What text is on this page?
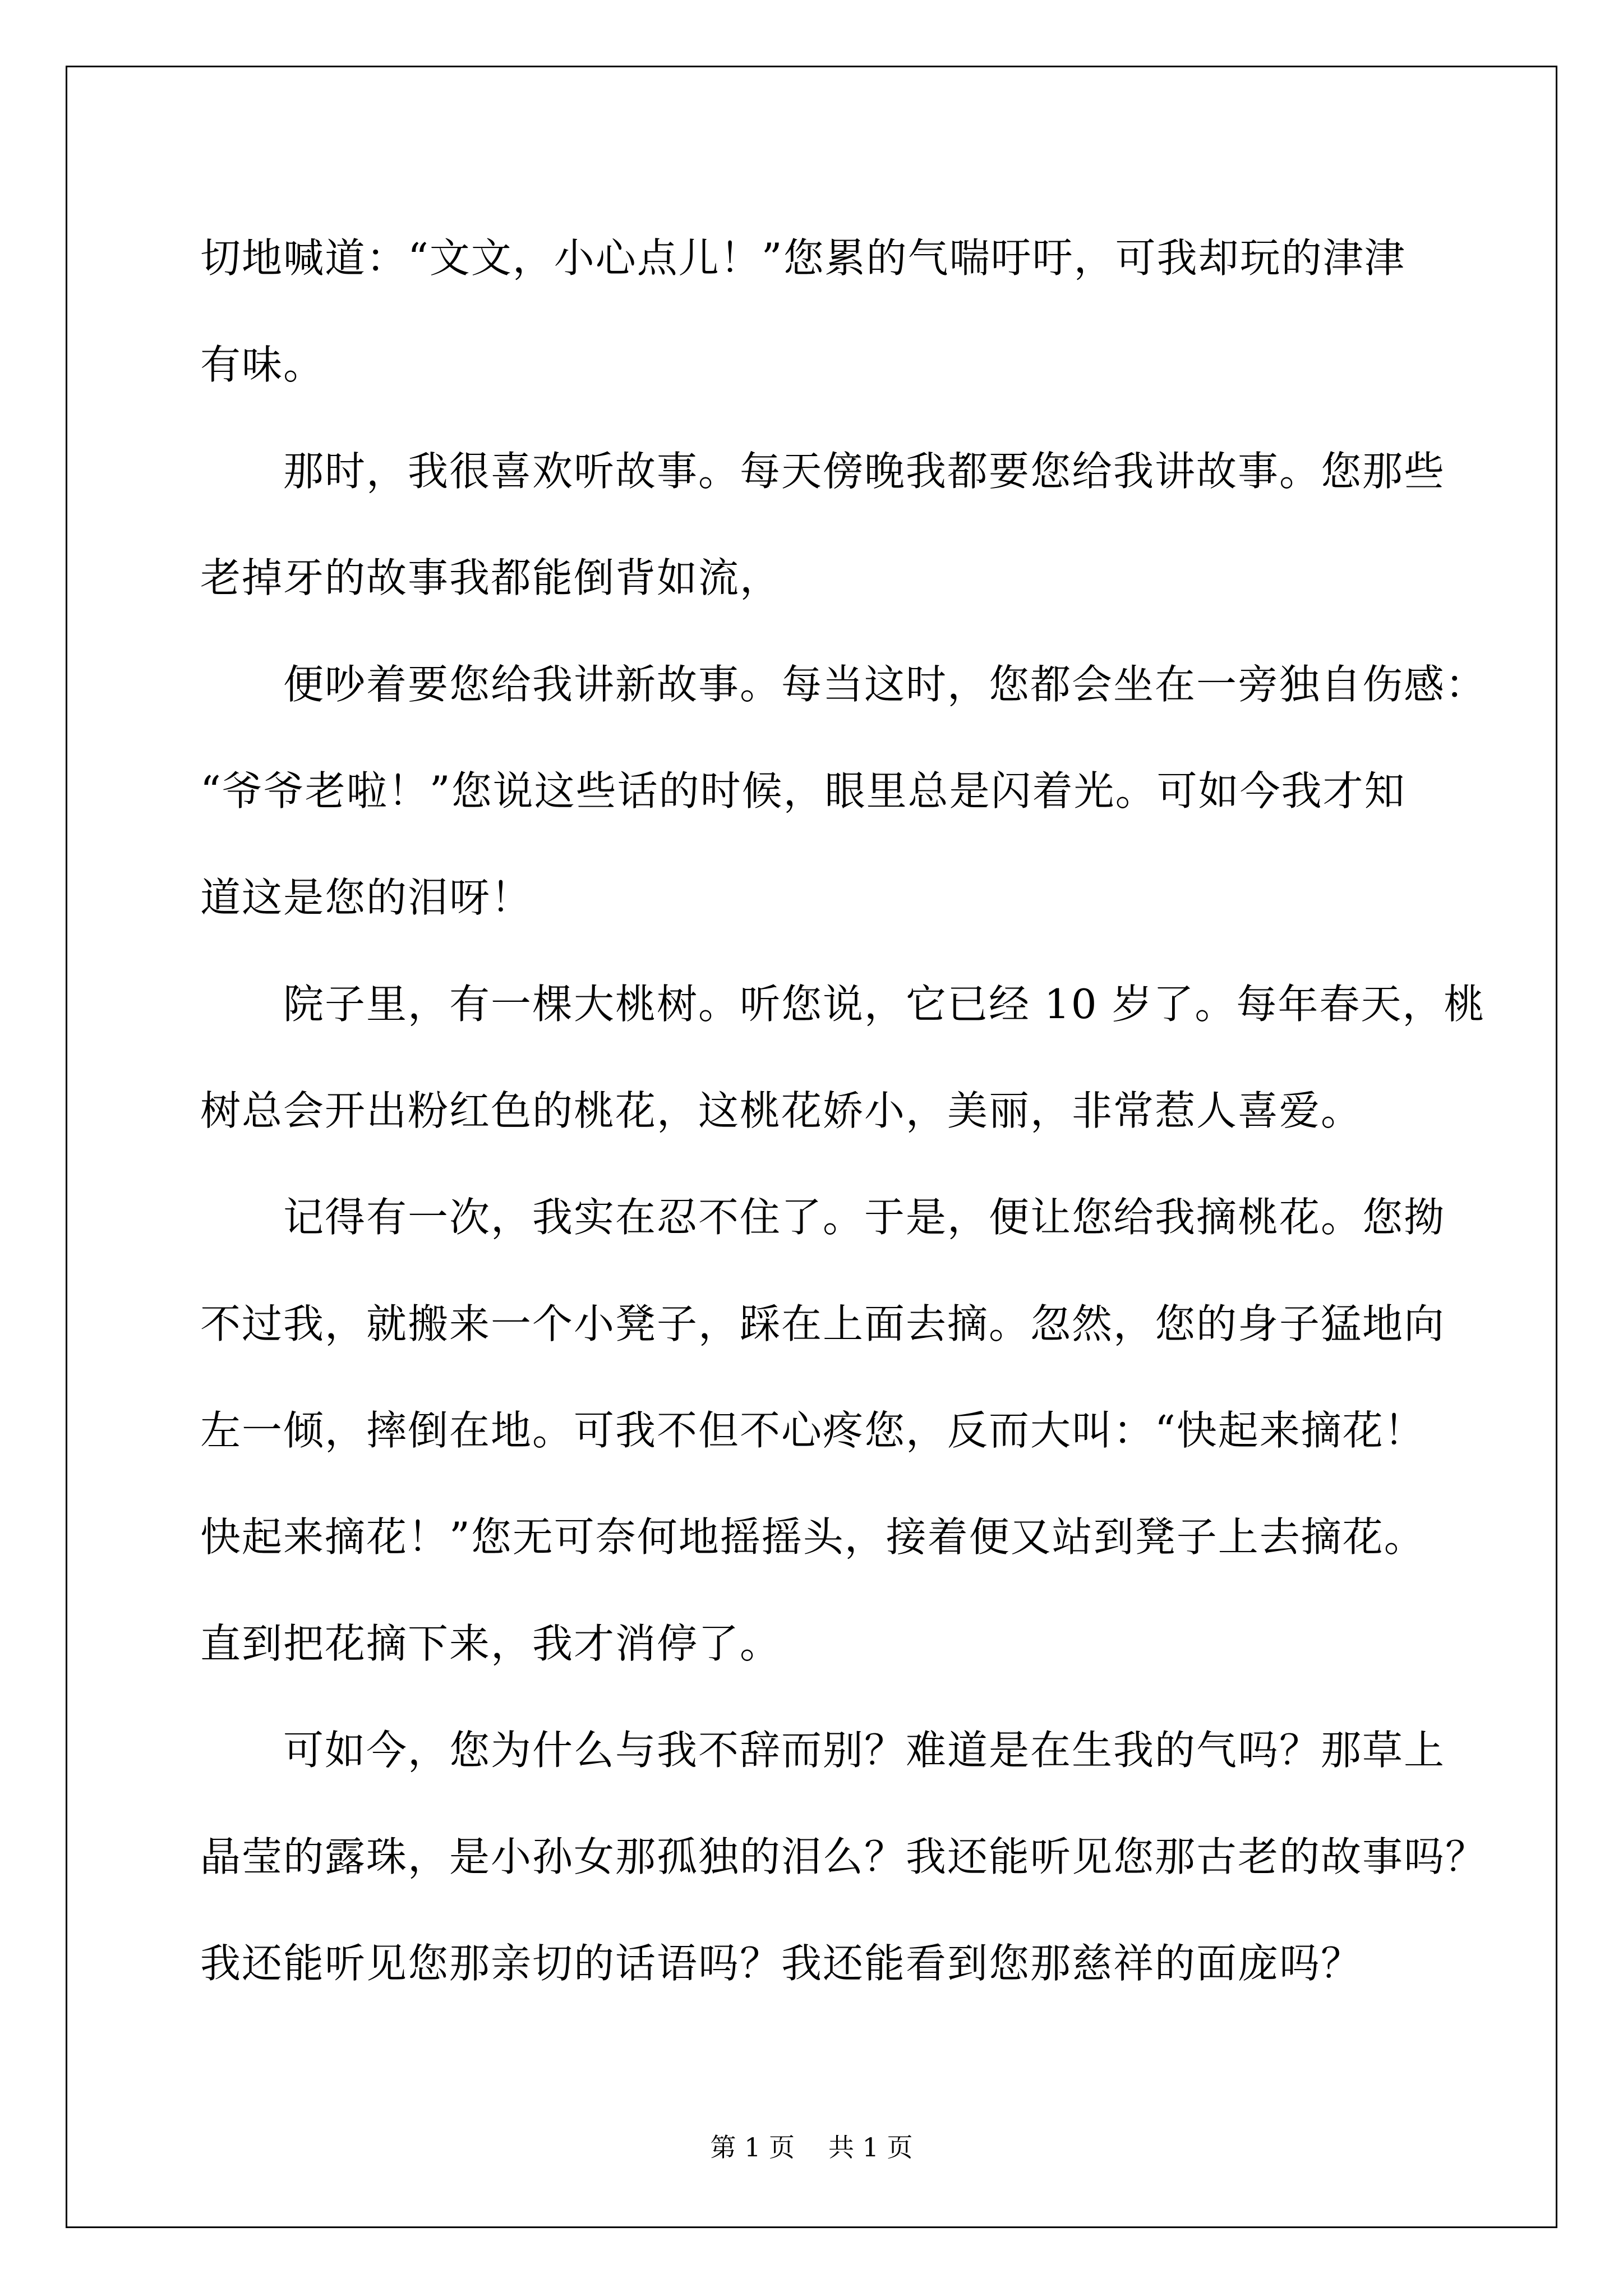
切地喊道：“文文，小心点儿！”您累的气喘吁吁，可我却玩的津津
有味。

那时，我很喜欢听故事。每天傍晚我都要您给我讲故事。您那些
老掉牙的故事我都能倒背如流，

便吵着要您给我讲新故事。每当这时，您都会坐在一旁独自伤感：
“爷爷老啦！”您说这些话的时候，眼里总是闪着光。可如今我才知
道这是您的泪呀！

院子里，有一棵大桃树。听您说，它已经 10 岁了。每年春天，桃
树总会开出粉红色的桃花，这桃花娇小，美丽，非常惹人喜爱。

记得有一次，我实在忍不住了。于是，便让您给我摘桃花。您拗
不过我，就搬来一个小凳子，踩在上面去摘。忽然，您的身子猛地向
左一倾，摔倒在地。可我不但不心疼您，反而大叫：“快起来摘花！
快起来摘花！”您无可奈何地摇摇头，接着便又站到凳子上去摘花。
直到把花摘下来，我才消停了。

可如今，您为什么与我不辞而别？难道是在生我的气吗？那草上
晶莹的露珠，是小孙女那孤独的泪么？我还能听见您那古老的故事吗？
我还能听见您那亲切的话语吗？我还能看到您那慈祥的面庞吗？

第 1 页 共 1 页
